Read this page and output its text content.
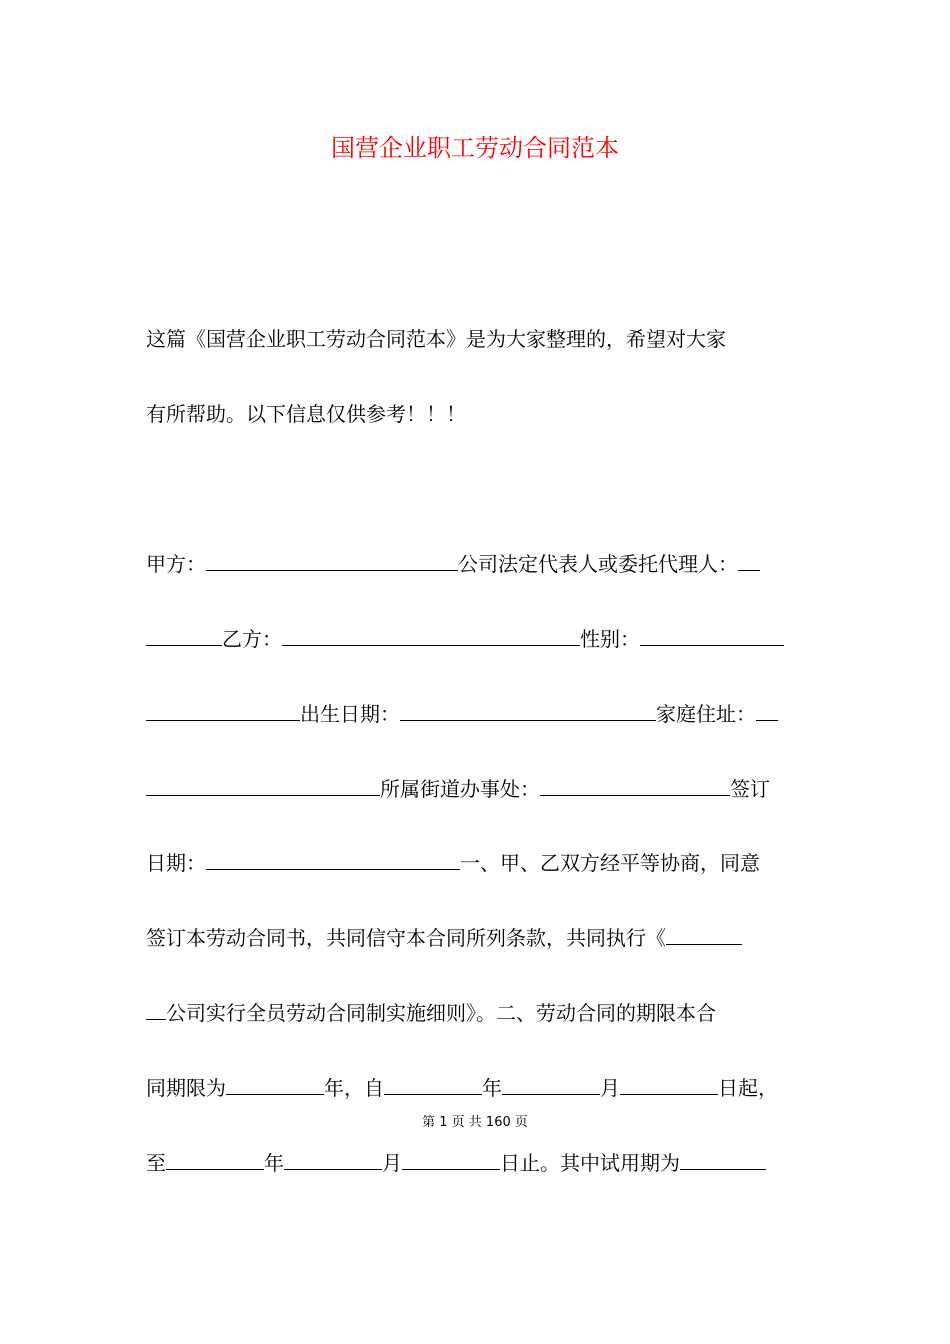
国营企业职工劳动合同范本

这篇《国营企业职工劳动合同范本》是为大家整理的，希望对大家

有所帮助。以下信息仅供参考！！！

甲方：	公司法定代表人或委托代理人：

乙方：	性别：

出生日期：	家庭住址：

所属街道办事处：	签订

日期：	一、甲、乙双方经平等协商，同意

签订本劳动合同书，共同信守本合同所列条款，共同执行《

公司实行全员劳动合同制实施细则》。二、劳动合同的期限本合

同期限为	年，自	年	月	日起，

第 1 页 共 160 页

至	年	月	日止。其中试用期为
